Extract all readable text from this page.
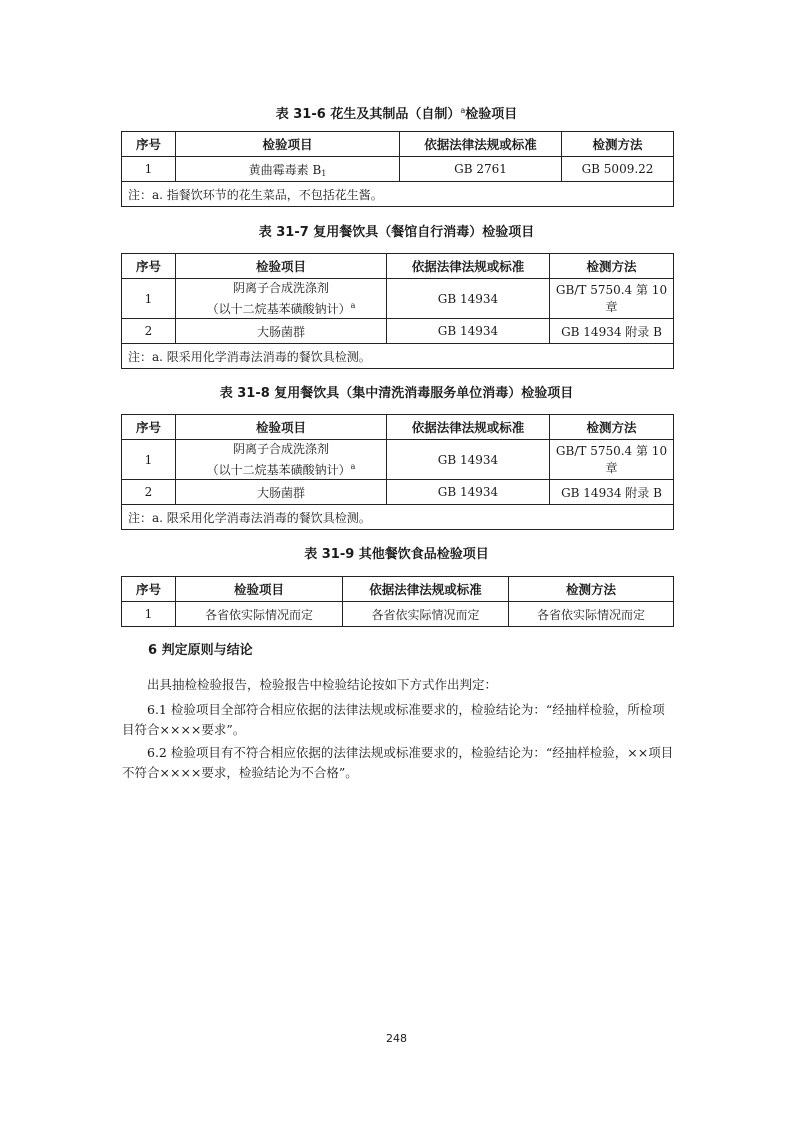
表 31-6 花生及其制品（自制）$^a$检验项目
序号	检验项目	依据法律法规或标准	检测方法
1	黄曲霉毒素 $B_1$	GB 2761	GB 5009.22
注：a. 指餐饮环节的花生菜品，不包括花生酱。			
表 31-7 复用餐饮具（餐馆自行消毒）检验项目
序号	检验项目	依据法律法规或标准	检测方法
1	阴离子合成洗涤剂
（以十二烷基苯磺酸钠计）$^a$	GB 14934	GB/T 5750.4 第 10
章
2	大肠菌群	GB 14934	GB 14934 附录 B
注：a. 限采用化学消毒法消毒的餐饮具检测。			
表 31-8 复用餐饮具（集中清洗消毒服务单位消毒）检验项目
序号	检验项目	依据法律法规或标准	检测方法
1	阴离子合成洗涤剂
（以十二烷基苯磺酸钠计）$^a$	GB 14934	GB/T 5750.4 第 10
章
2	大肠菌群	GB 14934	GB 14934 附录 B
注：a. 限采用化学消毒法消毒的餐饮具检测。			
表 31-9 其他餐饮食品检验项目
序号	检验项目	依据法律法规或标准	检测方法
1	各省依实际情况而定	各省依实际情况而定	各省依实际情况而定
6 判定原则与结论
出具抽检检验报告，检验报告中检验结论按如下方式作出判定：
6.1 检验项目全部符合相应依据的法律法规或标准要求的，检验结论为：“经抽样检验，所检项目符合××××要求”。
6.2 检验项目有不符合相应依据的法律法规或标准要求的，检验结论为：“经抽样检验，××项目不符合××××要求，检验结论为不合格”。
248
